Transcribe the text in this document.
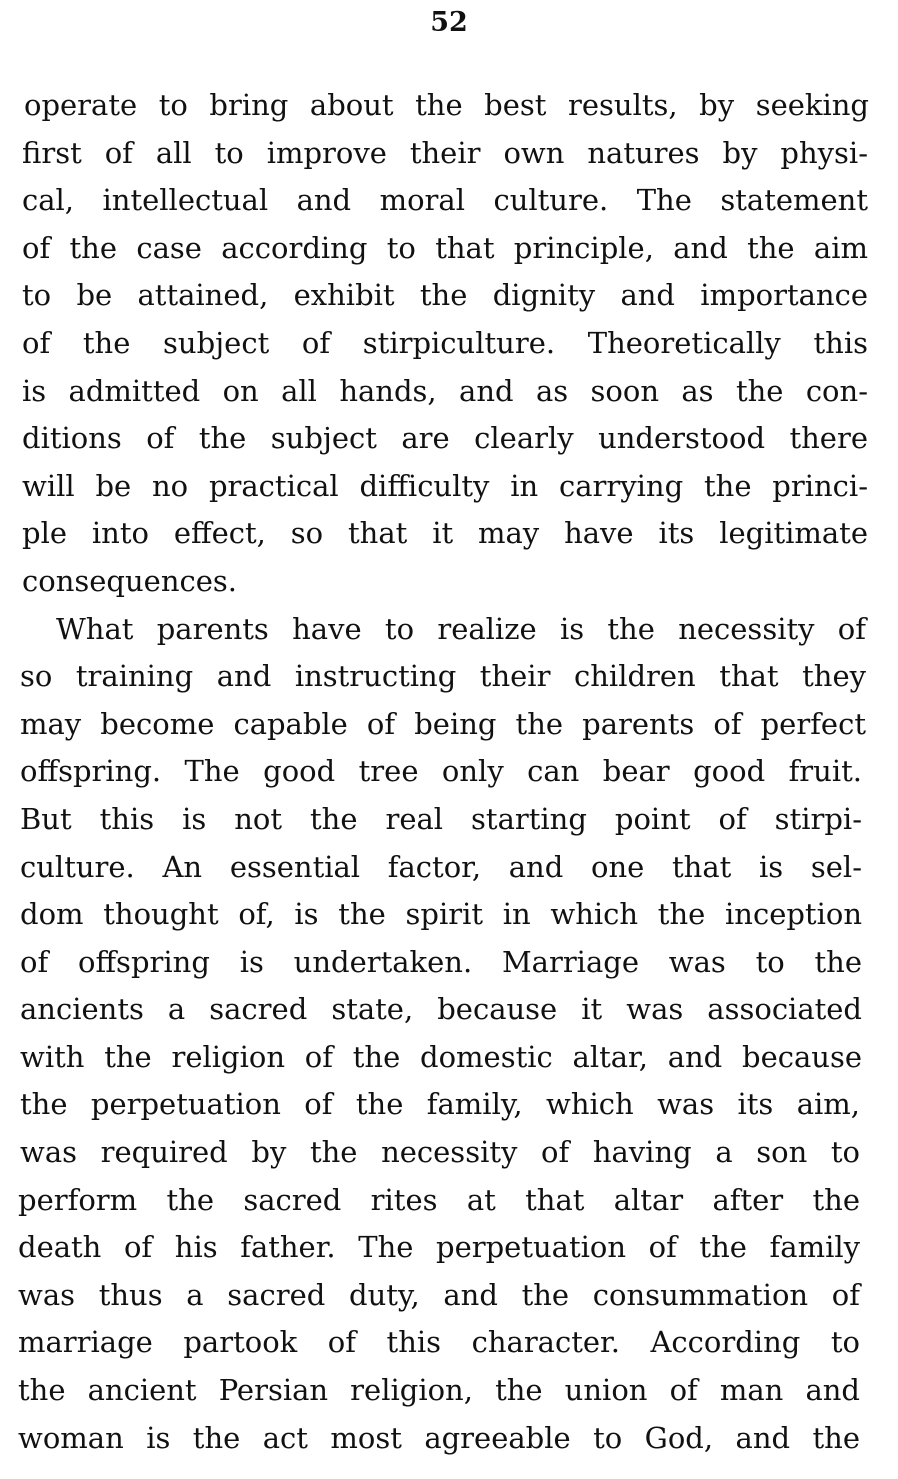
52
operate to bring about the best results, by seeking
first of all to improve their own natures by physi-
cal, intellectual and moral culture. The statement
of the case according to that principle, and the aim
to be attained, exhibit the dignity and importance
of the subject of stirpiculture. Theoretically this
is admitted on all hands, and as soon as the con-
ditions of the subject are clearly understood there
will be no practical difficulty in carrying the princi-
ple into effect, so that it may have its legitimate
consequences.
What parents have to realize is the necessity of
so training and instructing their children that they
may become capable of being the parents of perfect
offspring. The good tree only can bear good fruit.
But this is not the real starting point of stirpi-
culture. An essential factor, and one that is sel-
dom thought of, is the spirit in which the inception
of offspring is undertaken. Marriage was to the
ancients a sacred state, because it was associated
with the religion of the domestic altar, and because
the perpetuation of the family, which was its aim,
was required by the necessity of having a son to
perform the sacred rites at that altar after the
death of his father. The perpetuation of the family
was thus a sacred duty, and the consummation of
marriage partook of this character. According to
the ancient Persian religion, the union of man and
woman is the act most agreeable to God, and the
